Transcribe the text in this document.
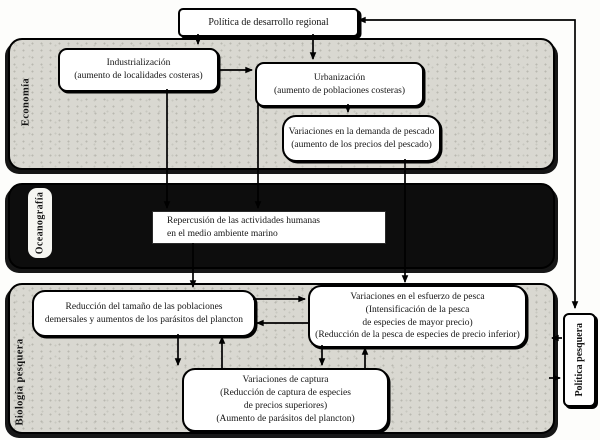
Economía
Oceanografía
Biología pesquera
Política de desarrollo regional
Industrialización
(aumento de localidades costeras)	Urbanización
(aumento de poblaciones costeras)
Variaciones en la demanda de pescado
(aumento de los precios del pescado)
Repercusión de las actividades humanas
en el medio ambiente marino
Reducción del tamaño de las poblaciones
demersales y aumentos de los parásitos del plancton
Variaciones en el esfuerzo de pesca
(Intensificación de la pesca
de especies de mayor precio)
(Reducción de la pesca de especies de precio inferior)
Variaciones de captura
(Reducción de captura de especies
de precios superiores)
(Aumento de parásitos del plancton)
Política pesquera
